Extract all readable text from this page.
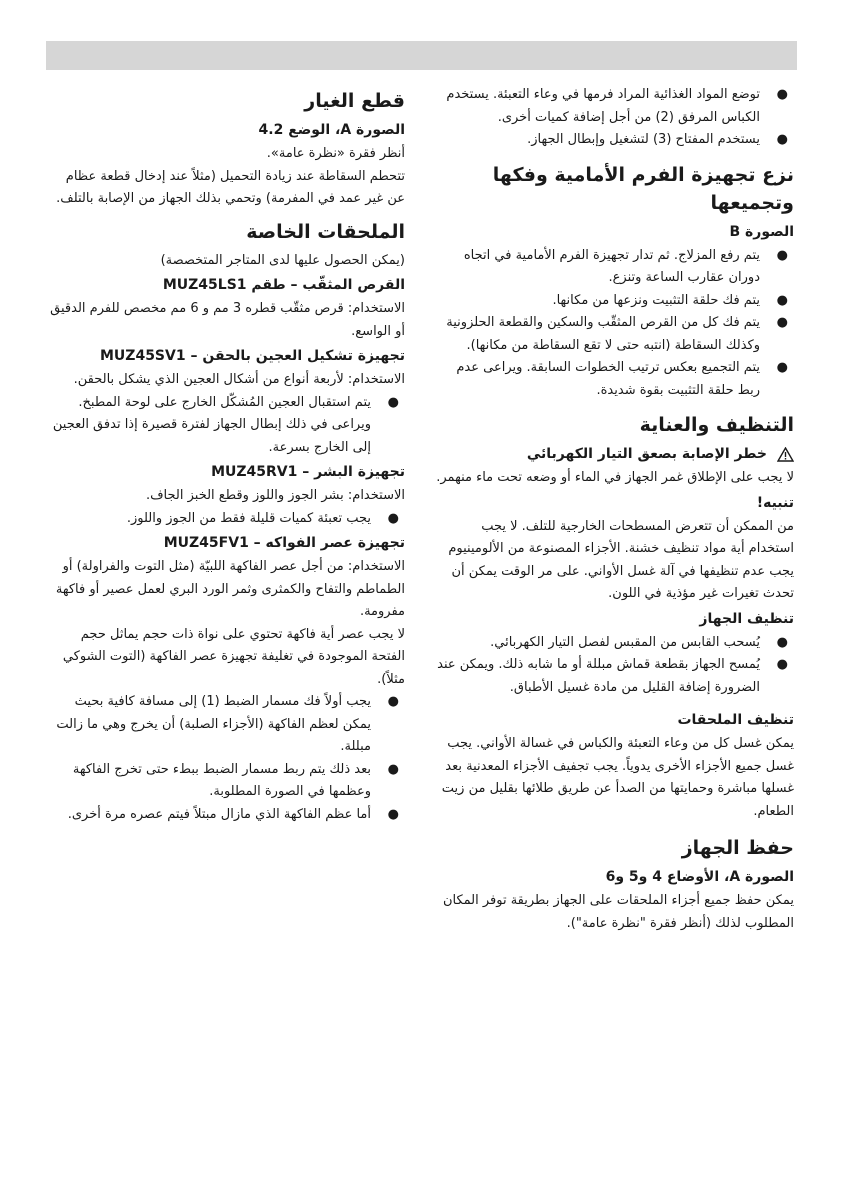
●
توضع المواد الغذائية المراد فرمها في وعاء التعبئة. يستخدم الكباس المرفق (2) من أجل إضافة كميات أخرى.
●
يستخدم المفتاح (3) لتشغيل وإبطال الجهاز.
نزع تجهيزة الفرم الأمامية وفكها وتجميعها
الصورة B
●
يتم رفع المزلاج. ثم تدار تجهيزة الفرم الأمامية في اتجاه دوران عقارب الساعة وتنزع.
●
يتم فك حلقة التثبيت ونزعها من مكانها.
●
يتم فك كل من القرص المثقّب والسكين والقطعة الحلزونية وكذلك السقاطة (انتبه حتى لا تقع السقاطة من مكانها).
●
يتم التجميع بعكس ترتيب الخطوات السابقة. ويراعى عدم ربط حلقة التثبيت بقوة شديدة.
التنظيف والعناية
خطر الإصابة بصعق التيار الكهربائي

لا يجب على الإطلاق غمر الجهاز في الماء أو وضعه تحت ماء منهمر.

تنبيه!

من الممكن أن تتعرض المسطحات الخارجية للتلف. لا يجب استخدام أية مواد تنظيف خشنة. الأجزاء المصنوعة من الألومينيوم يجب عدم تنظيفها في آلة غسل الأواني. على مر الوقت يمكن أن تحدث تغيرات غير مؤذية في اللون.

تنظيف الجهاز
●
يُسحب القابس من المقبس لفصل التيار الكهربائي.
●
يُمسح الجهاز بقطعة قماش مبللة أو ما شابه ذلك. ويمكن عند الضرورة إضافة القليل من مادة غسيل الأطباق.
تنظيف الملحقات

يمكن غسل كل من وعاء التعبئة والكباس في غسالة الأواني. يجب غسل جميع الأجزاء الأخرى يدوياً. يجب تجفيف الأجزاء المعدنية بعد غسلها مباشرة وحمايتها من الصدأ عن طريق طلائها بقليل من زيت الطعام.

حفظ الجهاز
الصورة A، الأوضاع 4 و5 و6

يمكن حفظ جميع أجزاء الملحقات على الجهاز بطريقة توفر المكان المطلوب لذلك (أنظر فقرة "نظرة عامة").

قطع الغيار
الصورة A، الوضع 4.2

أنظر فقرة «نظرة عامة».

تتحطم السقاطة عند زيادة التحميل (مثلاً عند إدخال قطعة عظام عن غير عمد في المفرمة) وتحمي بذلك الجهاز من الإصابة بالتلف.

الملحقات الخاصة

(يمكن الحصول عليها لدى المتاجر المتخصصة)

القرص المثقّب – طقم MUZ45LS1

الاستخدام: قرص مثقّب قطره 3 مم و 6 مم مخصص للفرم الدقيق أو الواسع.

تجهيزة تشكيل العجين بالحقن – MUZ45SV1

الاستخدام: لأربعة أنواع من أشكال العجين الذي يشكل بالحقن.

●
يتم استقبال العجين المُشكّل الخارج على لوحة المطبخ. ويراعى في ذلك إبطال الجهاز لفترة قصيرة إذا تدفق العجين إلى الخارج بسرعة.
تجهيزة البشر – MUZ45RV1

الاستخدام: بشر الجوز واللوز وقطع الخبز الجاف.

●
يجب تعبئة كميات قليلة فقط من الجوز واللوز.
تجهيزة عصر الفواكه – MUZ45FV1

الاستخدام: من أجل عصر الفاكهة اللبيّة (مثل التوت والفراولة) أو الطماطم والتفاح والكمثرى وثمر الورد البري لعمل عصير أو فاكهة مفرومة.

لا يجب عصر أية فاكهة تحتوي على نواة ذات حجم يماثل حجم الفتحة الموجودة في تغليفة تجهيزة عصر الفاكهة (التوت الشوكي مثلاً).

●
يجب أولاً فك مسمار الضبط (1) إلى مسافة كافية بحيث يمكن لعظم الفاكهة (الأجزاء الصلبة) أن يخرج وهي ما زالت مبللة.
●
بعد ذلك يتم ربط مسمار الضبط ببطء حتى تخرج الفاكهة وعظمها في الصورة المطلوبة.
●
أما عظم الفاكهة الذي مازال مبتلاً فيتم عصره مرة أخرى.
